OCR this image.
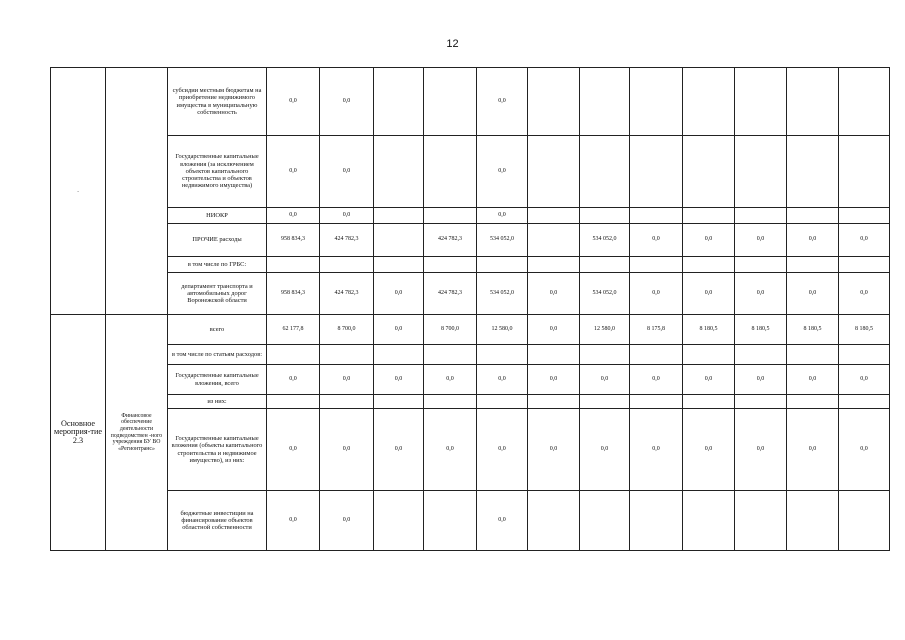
12
.		субсидии местным бюджетам на приобретение недвижимого имущества в муниципальную собственность	0,0	0,0			0,0							
		Государственные капитальные вложения (за исключением объектов капитального строительства и объектов недвижимого имущества)	0,0	0,0			0,0							
		НИОКР	0,0	0,0			0,0							
		ПРОЧИЕ расходы	958 834,3	424 782,3		424 782,3	534 052,0		534 052,0	0,0	0,0	0,0	0,0	0,0
		в том числе по ГРБС:												
		департамент транспорта и автомобильных дорог Воронежской области	958 834,3	424 782,3	0,0	424 782,3	534 052,0	0,0	534 052,0	0,0	0,0	0,0	0,0	0,0
Основное мероприя-тие 2.3	Финансовое обеспечение деятельности подведомствен -ного учреждения БУ ВО «Регионтранс»	всего	62 177,8	8 700,0	0,0	8 700,0	12 580,0	0,0	12 580,0	8 175,8	8 180,5	8 180,5	8 180,5	8 180,5
		в том числе по статьям расходов:												
		Государственные капитальные вложения, всего	0,0	0,0	0,0	0,0	0,0	0,0	0,0	0,0	0,0	0,0	0,0	0,0
		из них:												
		Государственные капитальные вложения (объекты капитального строительства и недвижимое имущество), из них:	0,0	0,0	0,0	0,0	0,0	0,0	0,0	0,0	0,0	0,0	0,0	0,0
		бюджетные инвестиции на финансирование объектов областной собственности	0,0	0,0			0,0							
